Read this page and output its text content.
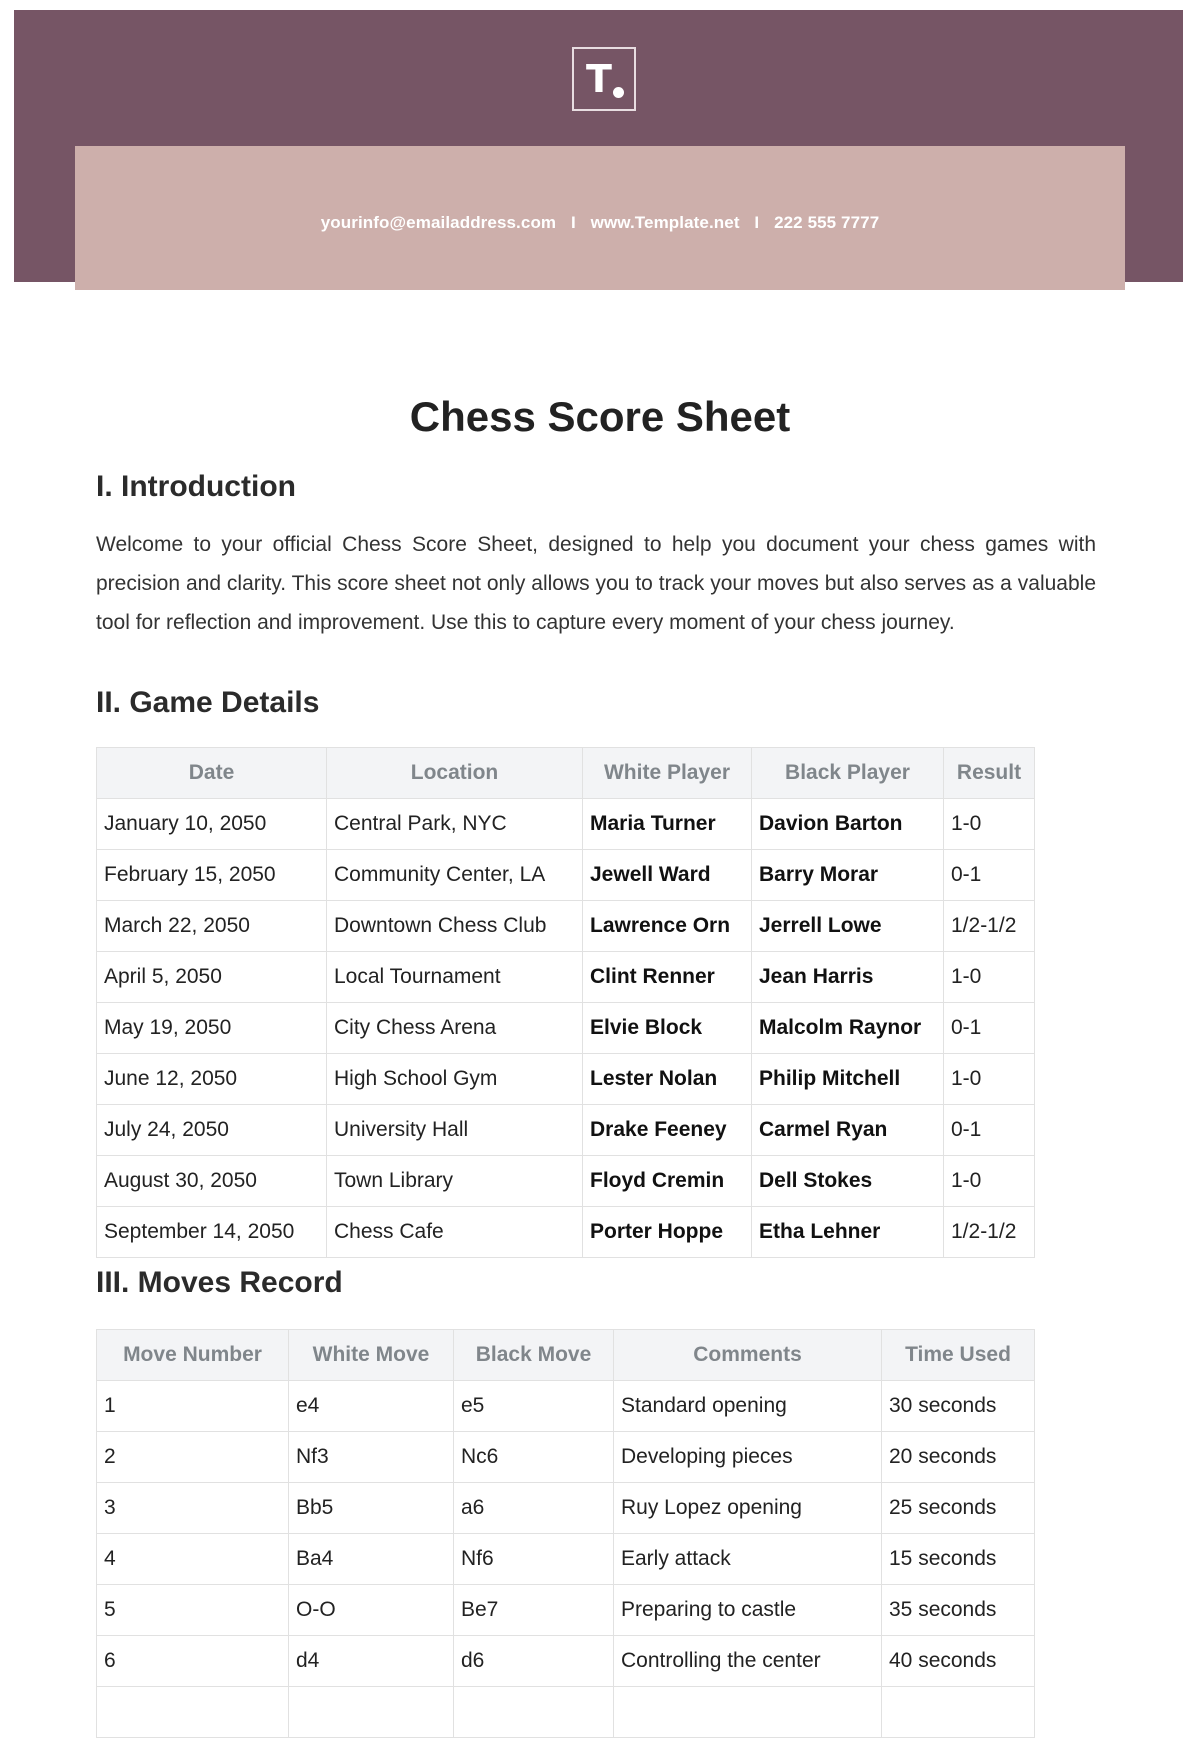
T
yourinfo@emailaddress.com I www.Template.net I 222 555 7777
Chess Score Sheet
I. Introduction
Welcome to your official Chess Score Sheet, designed to help you document your chess games with precision and clarity. This score sheet not only allows you to track your moves but also serves as a valuable tool for reflection and improvement. Use this to capture every moment of your chess journey.
II. Game Details
Date	Location	White Player	Black Player	Result
January 10, 2050	Central Park, NYC	Maria Turner	Davion Barton	1-0
February 15, 2050	Community Center, LA	Jewell Ward	Barry Morar	0-1
March 22, 2050	Downtown Chess Club	Lawrence Orn	Jerrell Lowe	1/2-1/2
April 5, 2050	Local Tournament	Clint Renner	Jean Harris	1-0
May 19, 2050	City Chess Arena	Elvie Block	Malcolm Raynor	0-1
June 12, 2050	High School Gym	Lester Nolan	Philip Mitchell	1-0
July 24, 2050	University Hall	Drake Feeney	Carmel Ryan	0-1
August 30, 2050	Town Library	Floyd Cremin	Dell Stokes	1-0
September 14, 2050	Chess Cafe	Porter Hoppe	Etha Lehner	1/2-1/2
III. Moves Record
Move Number	White Move	Black Move	Comments	Time Used
1	e4	e5	Standard opening	30 seconds
2	Nf3	Nc6	Developing pieces	20 seconds
3	Bb5	a6	Ruy Lopez opening	25 seconds
4	Ba4	Nf6	Early attack	15 seconds
5	O-O	Be7	Preparing to castle	35 seconds
6	d4	d6	Controlling the center	40 seconds
